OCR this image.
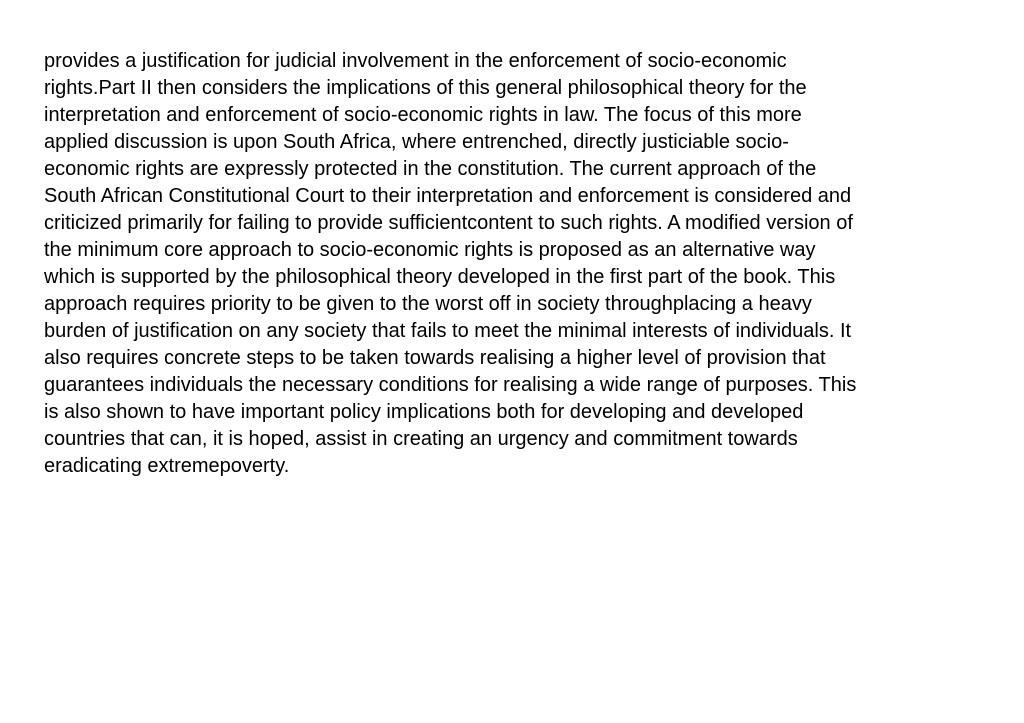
provides a justification for judicial involvement in the enforcement of socio-economic
rights.Part II then considers the implications of this general philosophical theory for the
interpretation and enforcement of socio-economic rights in law. The focus of this more
applied discussion is upon South Africa, where entrenched, directly justiciable socio-
economic rights are expressly protected in the constitution. The current approach of the
South African Constitutional Court to their interpretation and enforcement is considered and
criticized primarily for failing to provide sufficientcontent to such rights. A modified version of
the minimum core approach to socio-economic rights is proposed as an alternative way
which is supported by the philosophical theory developed in the first part of the book. This
approach requires priority to be given to the worst off in society throughplacing a heavy
burden of justification on any society that fails to meet the minimal interests of individuals. It
also requires concrete steps to be taken towards realising a higher level of provision that
guarantees individuals the necessary conditions for realising a wide range of purposes. This
is also shown to have important policy implications both for developing and developed
countries that can, it is hoped, assist in creating an urgency and commitment towards
eradicating extremepoverty.
